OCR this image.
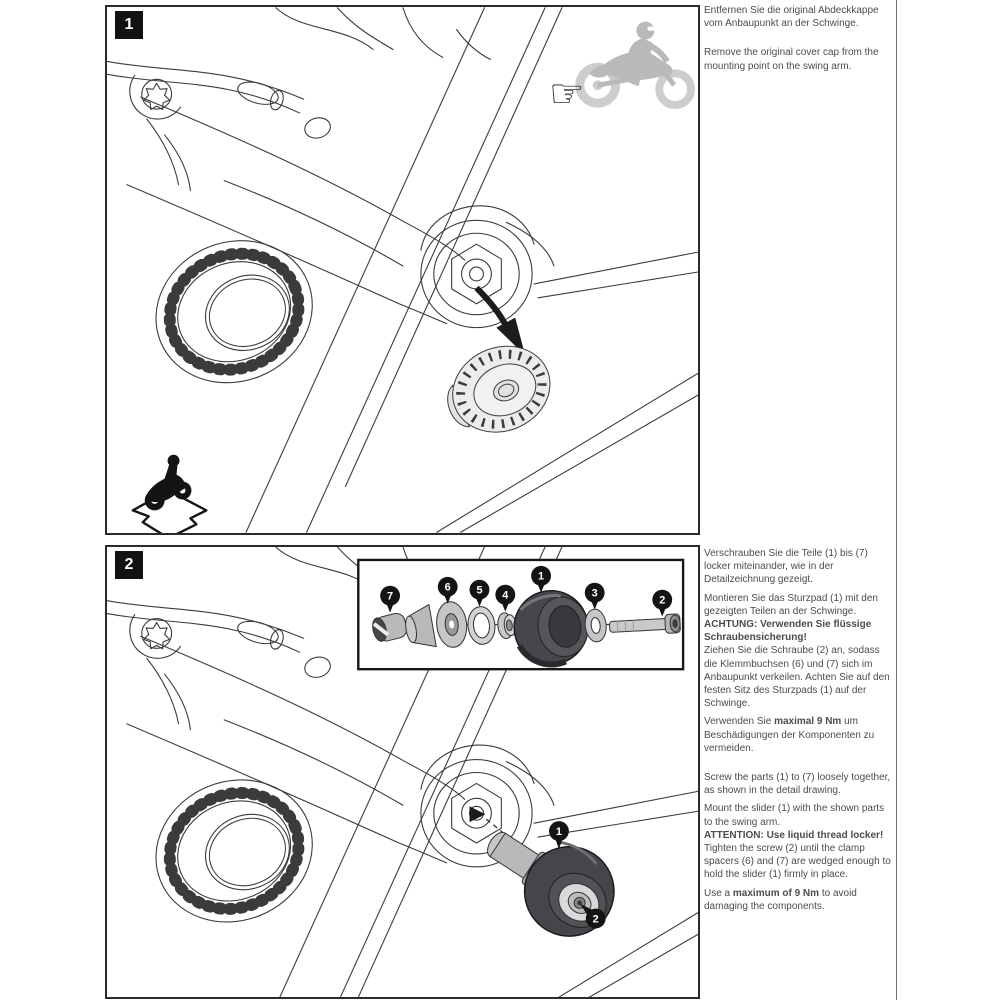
1
☞
2
1
2
7
6 5 4
1
3
2

Entfernen Sie die original Abdeckkappe vom Anbaupunkt an der Schwinge.

Remove the original cover cap from the mounting point on the swing arm.

Verschrauben Sie die Teile (1) bis (7) locker miteinander, wie in der Detailzeichnung gezeigt.

Montieren Sie das Sturzpad (1) mit den gezeigten Teilen an der Schwinge.
ACHTUNG: Verwenden Sie flüssige Schraubensicherung!
Ziehen Sie die Schraube (2) an, sodass die Klemmbuchsen (6) und (7) sich im Anbaupunkt verkeilen. Achten Sie auf den festen Sitz des Sturzpads (1) auf der Schwinge.

Verwenden Sie maximal 9 Nm um Beschädigungen der Komponenten zu vermeiden.

Screw the parts (1) to (7) loosely together, as shown in the detail drawing.

Mount the slider (1) with the shown parts to the swing arm.
ATTENTION: Use liquid thread locker!
Tighten the screw (2) until the clamp spacers (6) and (7) are wedged enough to hold the slider (1) firmly in place.

Use a maximum of 9 Nm to avoid damaging the components.
